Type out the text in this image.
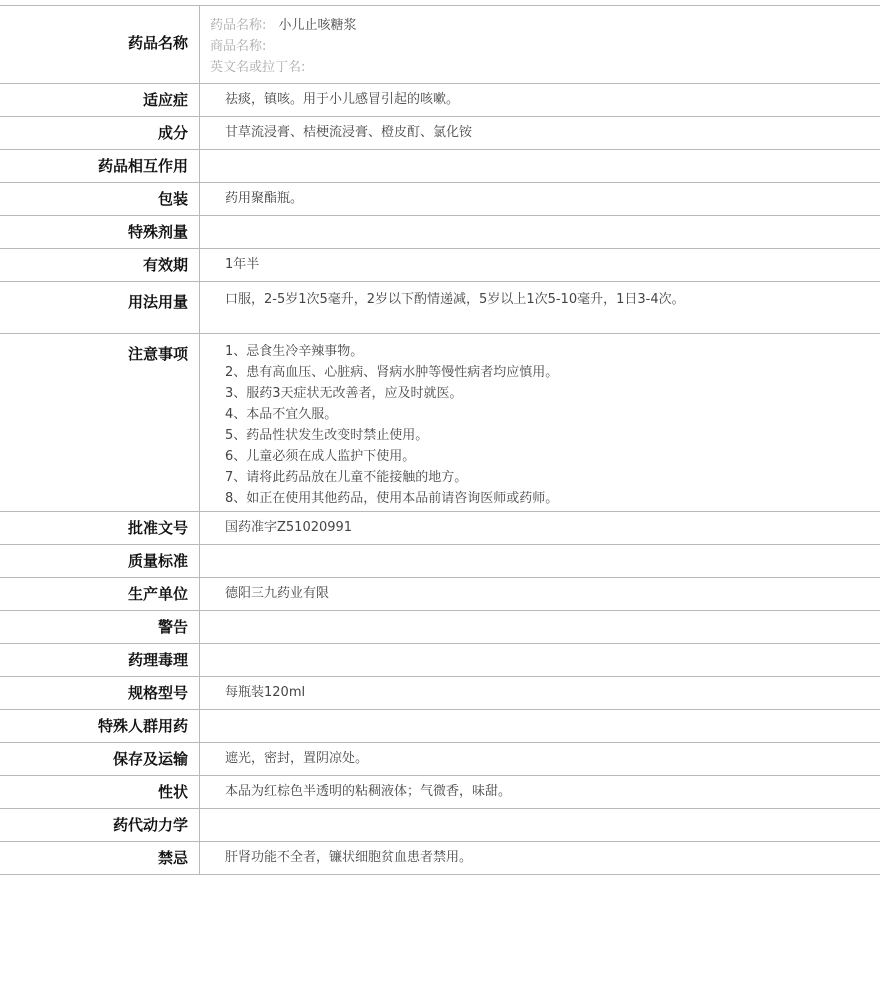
药品名称
药品名称: 小儿止咳糖浆
商品名称:
英文名或拉丁名:
适应症	祛痰，镇咳。用于小儿感冒引起的咳嗽。
成分	甘草流浸膏、桔梗流浸膏、橙皮酊、氯化铵
药品相互作用
包装	药用聚酯瓶。
特殊剂量
有效期	1年半
用法用量	口服，2-5岁1次5毫升，2岁以下酌情递减，5岁以上1次5-10毫升，1日3-4次。
注意事项	1、忌食生冷辛辣事物。
2、患有高血压、心脏病、肾病水肿等慢性病者均应慎用。
3、服药3天症状无改善者，应及时就医。
4、本品不宜久服。
5、药品性状发生改变时禁止使用。
6、儿童必须在成人监护下使用。
7、请将此药品放在儿童不能接触的地方。
8、如正在使用其他药品，使用本品前请咨询医师或药师。
批准文号	国药准字Z51020991
质量标准
生产单位	德阳三九药业有限
警告
药理毒理
规格型号	每瓶装120ml
特殊人群用药
保存及运输	遮光，密封，置阴凉处。
性状	本品为红棕色半透明的粘稠液体；气微香，味甜。
药代动力学
禁忌	肝肾功能不全者，镰状细胞贫血患者禁用。
